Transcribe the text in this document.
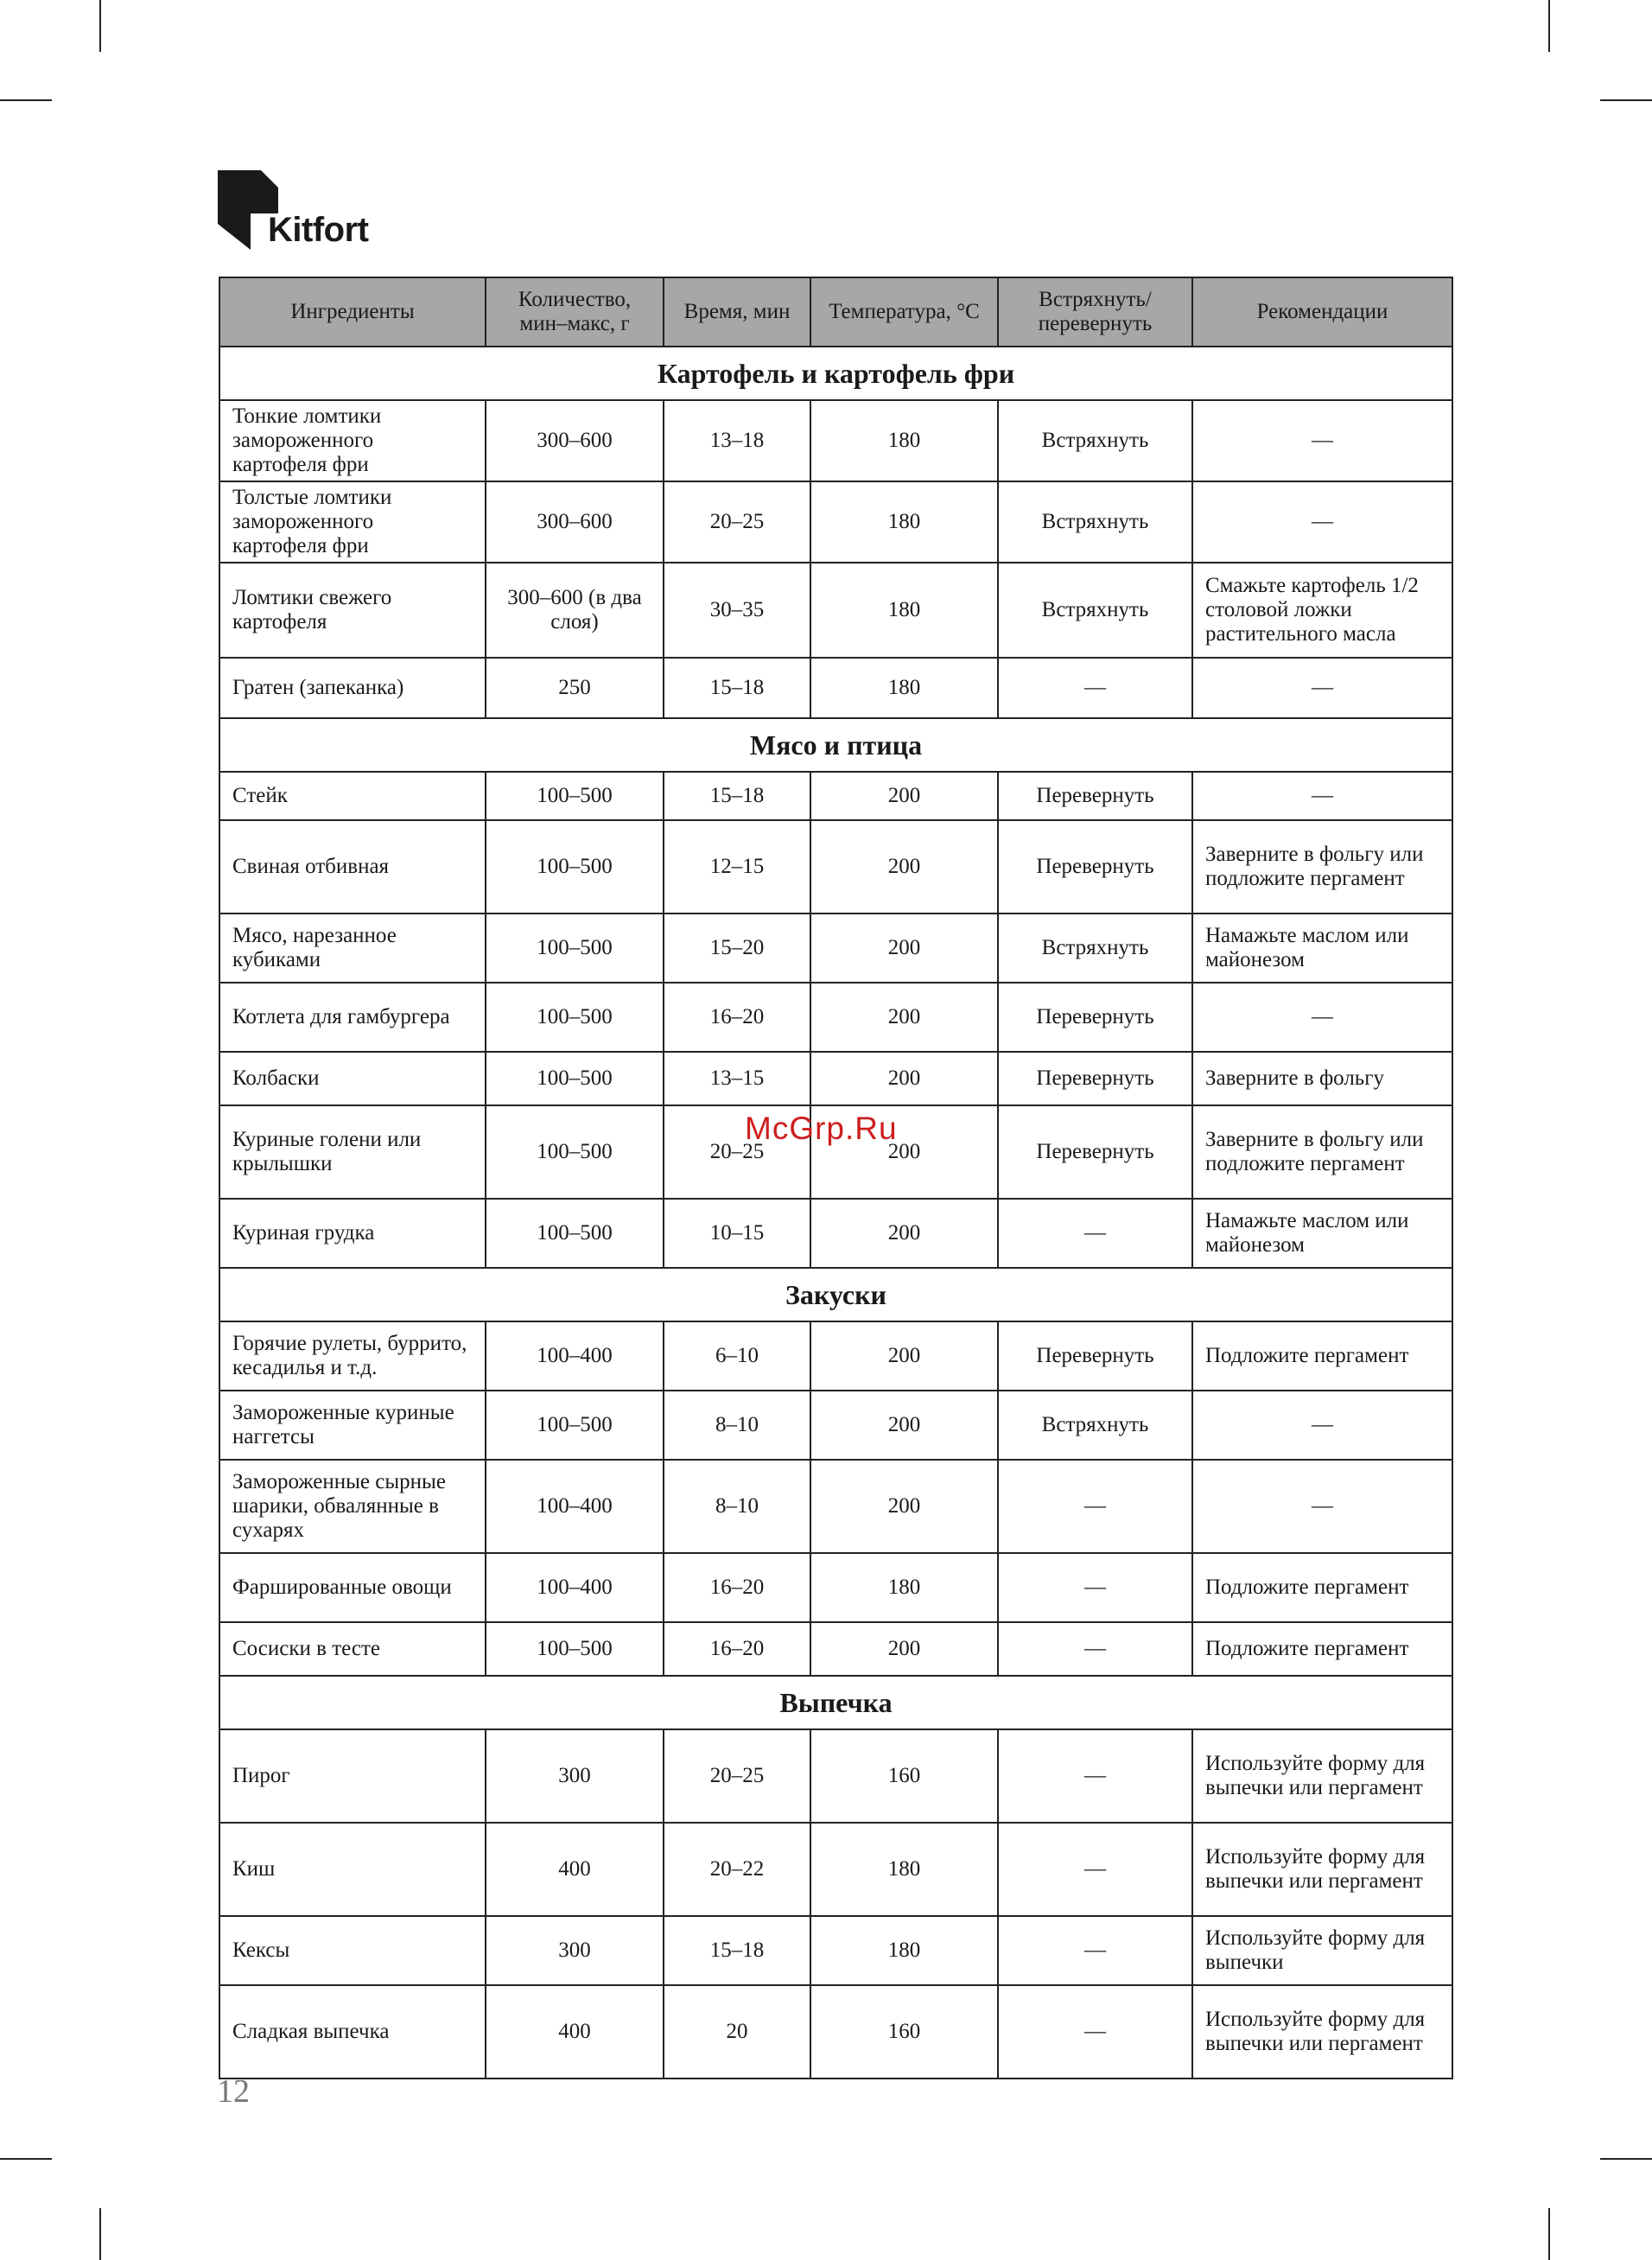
Kitfort
Ингредиенты	Количество, мин–макс, г	Время, мин	Температура, °С	Встряхнуть/ перевернуть	Рекомендации
Картофель и картофель фри					
Тонкие ломтики замороженного картофеля фри	300–600	13–18	180	Встряхнуть	—
Толстые ломтики замороженного картофеля фри	300–600	20–25	180	Встряхнуть	—
Ломтики свежего картофеля	300–600 (в два слоя)	30–35	180	Встряхнуть	Смажьте картофель 1/2 столовой ложки растительного масла
Гратен (запеканка)	250	15–18	180	—	—
Мясо и птица					
Стейк	100–500	15–18	200	Перевернуть	—
Свиная отбивная	100–500	12–15	200	Перевернуть	Заверните в фольгу или подложите пергамент
Мясо, нарезанное кубиками	100–500	15–20	200	Встряхнуть	Намажьте маслом или майонезом
Котлета для гамбургера	100–500	16–20	200	Перевернуть	—
Колбаски	100–500	13–15	200	Перевернуть	Заверните в фольгу
Куриные голени или крылышки	100–500	20–25	200	Перевернуть	Заверните в фольгу или подложите пергамент
Куриная грудка	100–500	10–15	200	—	Намажьте маслом или майонезом
Закуски					
Горячие рулеты, буррито, кесадилья и т.д.	100–400	6–10	200	Перевернуть	Подложите пергамент
Замороженные куриные наггетсы	100–500	8–10	200	Встряхнуть	—
Замороженные сырные шарики, обвалянные в сухарях	100–400	8–10	200	—	—
Фаршированные овощи	100–400	16–20	180	—	Подложите пергамент
Сосиски в тесте	100–500	16–20	200	—	Подложите пергамент
Выпечка					
Пирог	300	20–25	160	—	Используйте форму для выпечки или пергамент
Киш	400	20–22	180	—	Используйте форму для выпечки или пергамент
Кексы	300	15–18	180	—	Используйте форму для выпечки
Сладкая выпечка	400	20	160	—	Используйте форму для выпечки или пергамент
McGrp.Ru
12
